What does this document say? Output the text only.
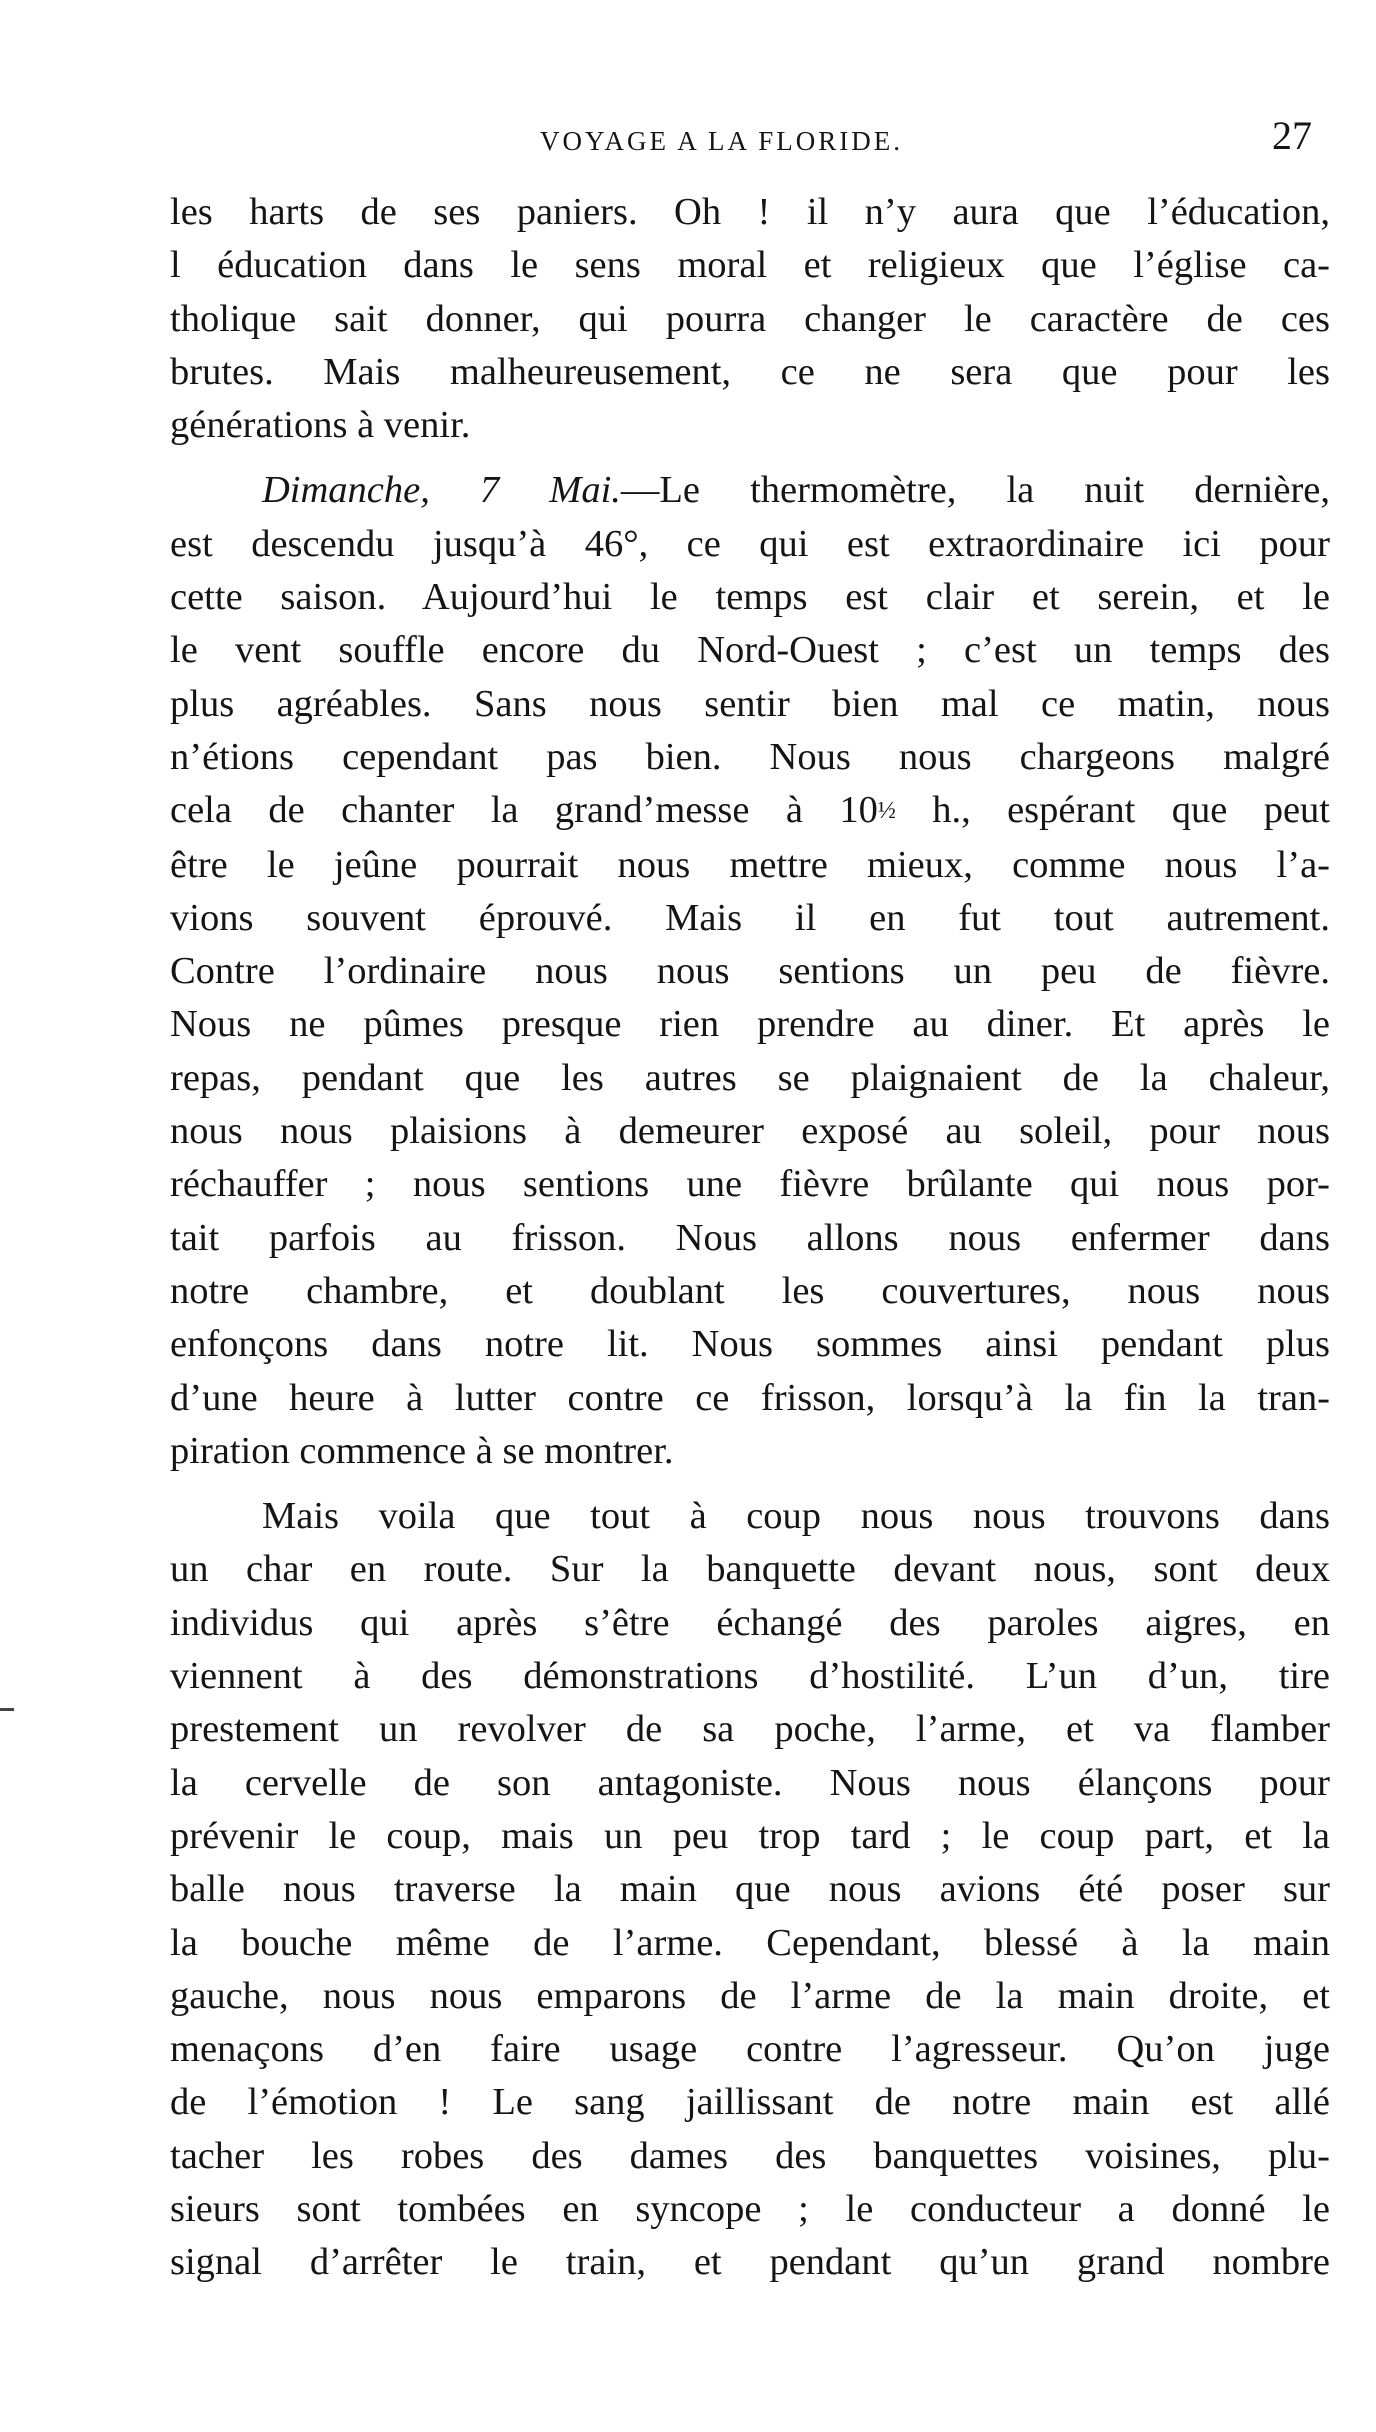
VOYAGE A LA FLORIDE.	27

les harts de ses paniers. Oh ! il n’y aura que l’éducation,

l éducation dans le sens moral et religieux que l’église ca-

tholique sait donner, qui pourra changer le caractère de ces

brutes. Mais malheureusement, ce ne sera que pour les

générations à venir.

Dimanche, 7 Mai.—Le thermomètre, la nuit dernière,

est descendu jusqu’à 46°, ce qui est extraordinaire ici pour

cette saison. Aujourd’hui le temps est clair et serein, et le

le vent souffle encore du Nord-Ouest ; c’est un temps des

plus agréables. Sans nous sentir bien mal ce matin, nous

n’étions cependant pas bien. Nous nous chargeons malgré

cela de chanter la grand’messe à 10½ h., espérant que peut

être le jeûne pourrait nous mettre mieux, comme nous l’a-

vions souvent éprouvé. Mais il en fut tout autrement.

Contre l’ordinaire nous nous sentions un peu de fièvre.

Nous ne pûmes presque rien prendre au diner. Et après le

repas, pendant que les autres se plaignaient de la chaleur,

nous nous plaisions à demeurer exposé au soleil, pour nous

réchauffer ; nous sentions une fièvre brûlante qui nous por-

tait parfois au frisson. Nous allons nous enfermer dans

notre chambre, et doublant les couvertures, nous nous

enfonçons dans notre lit. Nous sommes ainsi pendant plus

d’une heure à lutter contre ce frisson, lorsqu’à la fin la tran-

piration commence à se montrer.

Mais voila que tout à coup nous nous trouvons dans

un char en route. Sur la banquette devant nous, sont deux

individus qui après s’être échangé des paroles aigres, en

viennent à des démonstrations d’hostilité. L’un d’un, tire

prestement un revolver de sa poche, l’arme, et va flamber

la cervelle de son antagoniste. Nous nous élançons pour

prévenir le coup, mais un peu trop tard ; le coup part, et la

balle nous traverse la main que nous avions été poser sur

la bouche même de l’arme. Cependant, blessé à la main

gauche, nous nous emparons de l’arme de la main droite, et

menaçons d’en faire usage contre l’agresseur. Qu’on juge

de l’émotion ! Le sang jaillissant de notre main est allé

tacher les robes des dames des banquettes voisines, plu-

sieurs sont tombées en syncope ; le conducteur a donné le

signal d’arrêter le train, et pendant qu’un grand nombre
